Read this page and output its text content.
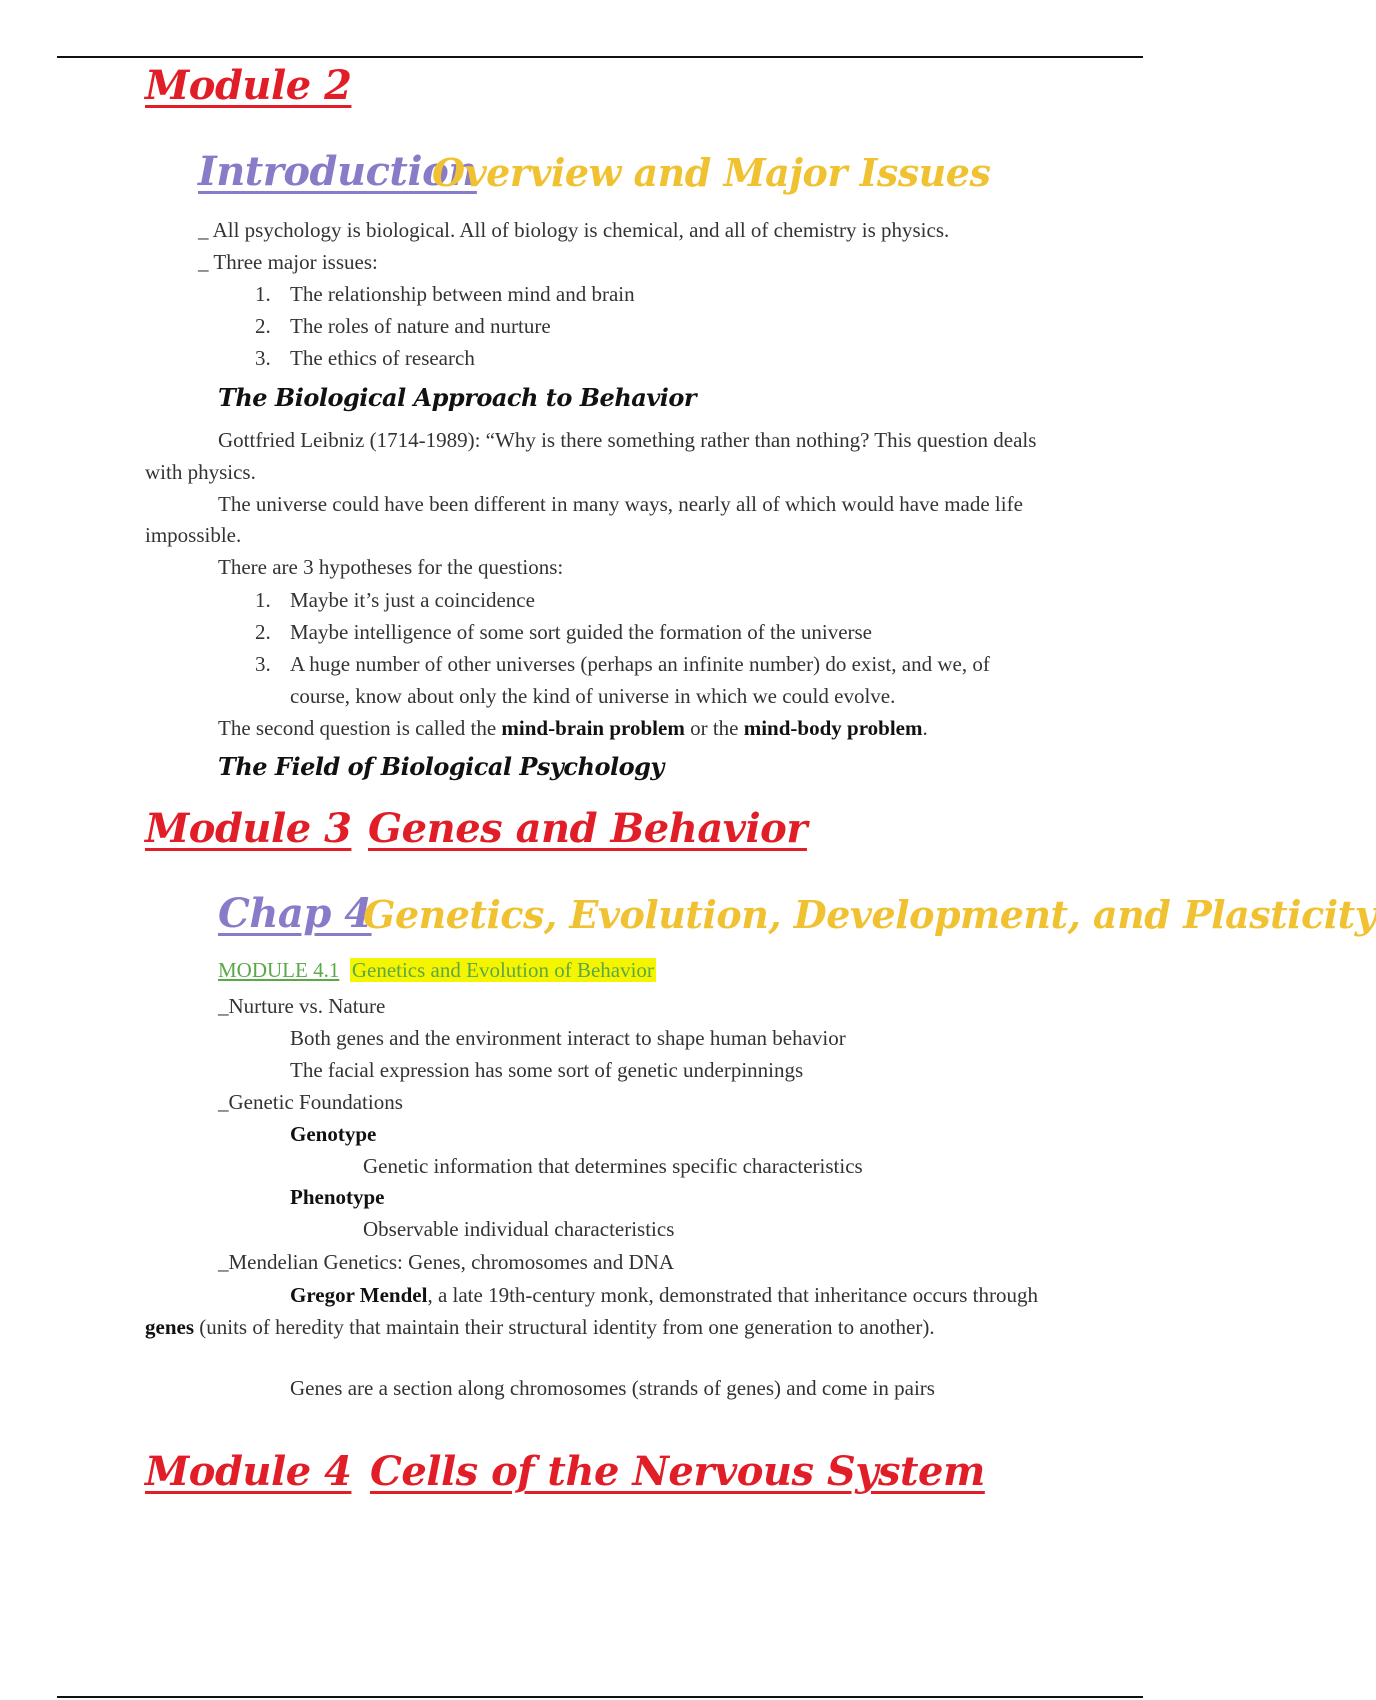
Module 2
Introduction
Overview and Major Issues
_ All psychology is biological. All of biology is chemical, and all of chemistry is physics.
_ Three major issues:
1. The relationship between mind and brain
2. The roles of nature and nurture
3. The ethics of research
The Biological Approach to Behavior
Gottfried Leibniz (1714-1989): “Why is there something rather than nothing? This question deals
with physics.
The universe could have been different in many ways, nearly all of which would have made life
impossible.
There are 3 hypotheses for the questions:
1. Maybe it’s just a coincidence
2. Maybe intelligence of some sort guided the formation of the universe
3. A huge number of other universes (perhaps an infinite number) do exist, and we, of
course, know about only the kind of universe in which we could evolve.
The second question is called the mind-brain problem or the mind-body problem.
The Field of Biological Psychology
Module 3 Genes and Behavior
Chap 4
Genetics, Evolution, Development, and Plasticity
MODULE 4.1 Genetics and Evolution of Behavior
_Nurture vs. Nature
Both genes and the environment interact to shape human behavior
The facial expression has some sort of genetic underpinnings
_Genetic Foundations
Genotype
Genetic information that determines specific characteristics
Phenotype
Observable individual characteristics
_Mendelian Genetics: Genes, chromosomes and DNA
Gregor Mendel, a late 19th-century monk, demonstrated that inheritance occurs through
genes (units of heredity that maintain their structural identity from one generation to another).
Genes are a section along chromosomes (strands of genes) and come in pairs
Module 4 Cells of the Nervous System
